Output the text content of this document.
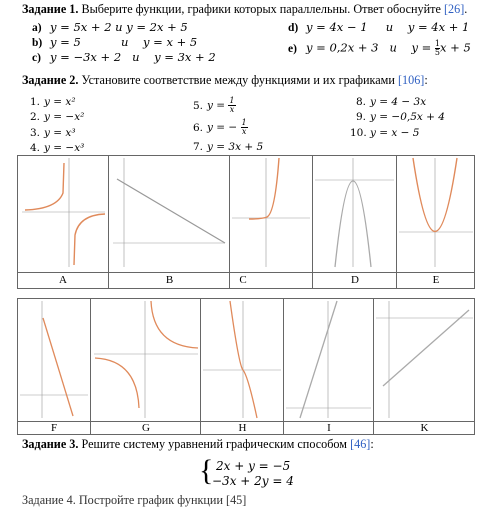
Задание 1. Выберите функции, графики которых параллельны. Ответ обоснуйте [26].
a) y = 5x + 2 и y = 2x + 5
b) y = 5           и    y = x + 5
c) y = −3x + 2   и    y = 3x + 2
d) y = 4x − 1     и    y = 4x + 1
e) y = 0,2x + 3   и    $y = \frac{1}{5}$ x + 5
Задание 2. Установите соответствие между функциями и их графиками [106]:
1. y = x²
2. y = −x²
3. y = x³
4. y = −x³
5. $y = \frac{1}{x}$
6. y = − $\frac{1}{x}$
7. y = 3x + 5
8. y = 4 − 3x
9. y = −0,5x + 4
10. y = x − 5
A	B	C	D	E
F	G	H	I	K
Задание 3. Решите систему уравнений графическим способом [46]:
{ 2x + y = −5
−3x + 2y = 4
Задание 4. Постройте график функции [45]
